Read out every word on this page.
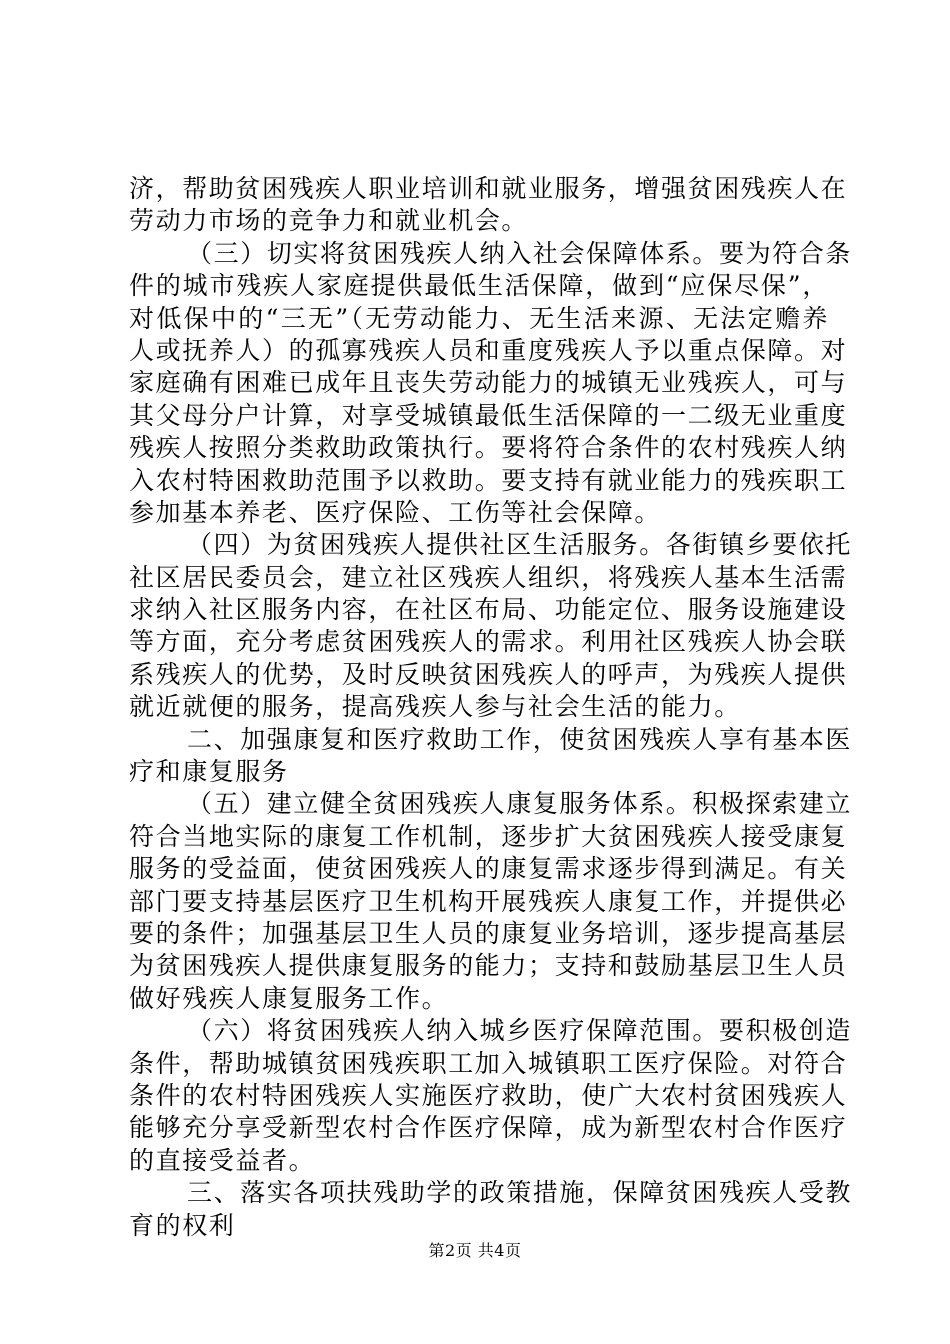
济，帮助贫困残疾人职业培训和就业服务，增强贫困残疾人在
劳动力市场的竞争力和就业机会。
（三）切实将贫困残疾人纳入社会保障体系。要为符合条
件的城市残疾人家庭提供最低生活保障，做到“应保尽保”，
对低保中的“三无”（无劳动能力、无生活来源、无法定赡养
人或抚养人）的孤寡残疾人员和重度残疾人予以重点保障。对
家庭确有困难已成年且丧失劳动能力的城镇无业残疾人，可与
其父母分户计算，对享受城镇最低生活保障的一二级无业重度
残疾人按照分类救助政策执行。要将符合条件的农村残疾人纳
入农村特困救助范围予以救助。要支持有就业能力的残疾职工
参加基本养老、医疗保险、工伤等社会保障。
（四）为贫困残疾人提供社区生活服务。各街镇乡要依托
社区居民委员会，建立社区残疾人组织，将残疾人基本生活需
求纳入社区服务内容，在社区布局、功能定位、服务设施建设
等方面，充分考虑贫困残疾人的需求。利用社区残疾人协会联
系残疾人的优势，及时反映贫困残疾人的呼声，为残疾人提供
就近就便的服务，提高残疾人参与社会生活的能力。
二、加强康复和医疗救助工作，使贫困残疾人享有基本医
疗和康复服务
（五）建立健全贫困残疾人康复服务体系。积极探索建立
符合当地实际的康复工作机制，逐步扩大贫困残疾人接受康复
服务的受益面，使贫困残疾人的康复需求逐步得到满足。有关
部门要支持基层医疗卫生机构开展残疾人康复工作，并提供必
要的条件；加强基层卫生人员的康复业务培训，逐步提高基层
为贫困残疾人提供康复服务的能力；支持和鼓励基层卫生人员
做好残疾人康复服务工作。
（六）将贫困残疾人纳入城乡医疗保障范围。要积极创造
条件，帮助城镇贫困残疾职工加入城镇职工医疗保险。对符合
条件的农村特困残疾人实施医疗救助，使广大农村贫困残疾人
能够充分享受新型农村合作医疗保障，成为新型农村合作医疗
的直接受益者。
三、落实各项扶残助学的政策措施，保障贫困残疾人受教
育的权利
第2页 共4页
